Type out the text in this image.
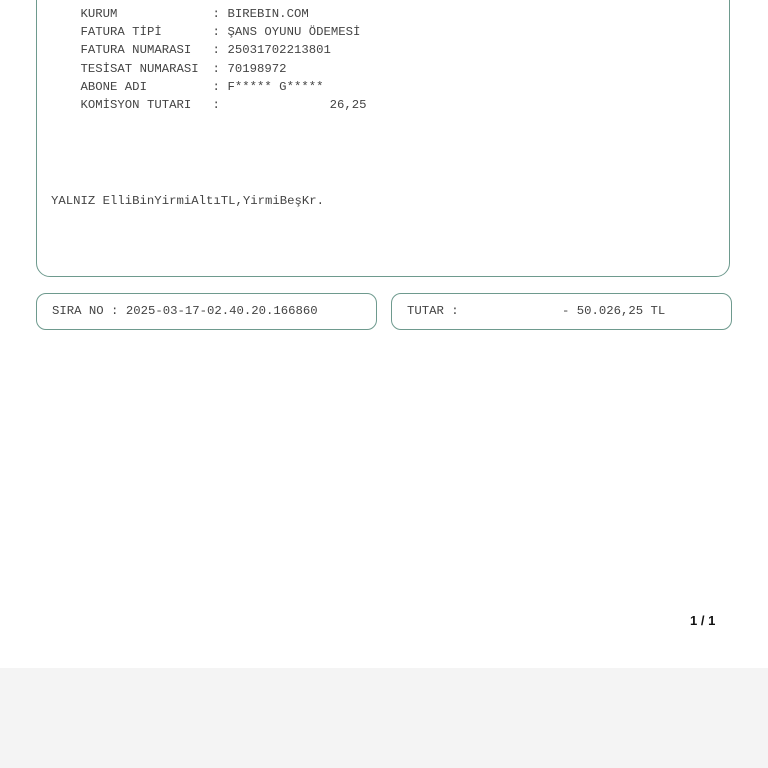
KURUM	: BIREBIN.COM

FATURA TİPİ	: ŞANS OYUNU ÖDEMESİ

FATURA NUMARASI : 25031702213801

TESİSAT NUMARASI : 70198972

ABONE ADI	: F***** G*****

KOMİSYON TUTARI :	26,25

YALNIZ ElliBinYirmiAltıTL,YirmiBeşKr.

SIRA NO : 2025-03-17-02.40.20.166860

	TUTAR :

	- 50.026,25 TL

1 / 1
